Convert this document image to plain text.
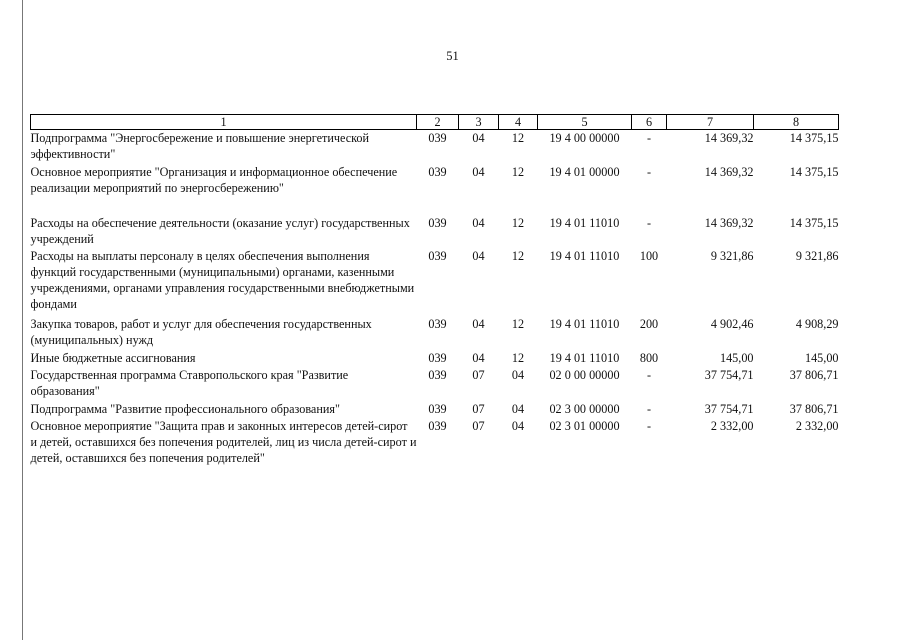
51
1	2	3	4	5	6	7	8
Подпрограмма "Энергосбережение и повышение энергетической эффективности"	039	04	12	19 4 00 00000	-	14 369,32	14 375,15
Основное мероприятие "Организация и информационное обеспечение реализации мероприятий по энергосбережению"	039	04	12	19 4 01 00000	-	14 369,32	14 375,15
Расходы на обеспечение деятельности (оказание услуг) государственных учреждений	039	04	12	19 4 01 11010	-	14 369,32	14 375,15
Расходы на выплаты персоналу в целях обеспечения выполнения функций государственными (муниципальными) органами, казенными учреждениями, органами управления государственными внебюджетными фондами	039	04	12	19 4 01 11010	100	9 321,86	9 321,86
Закупка товаров, работ и услуг для обеспечения государственных (муниципальных) нужд	039	04	12	19 4 01 11010	200	4 902,46	4 908,29
Иные бюджетные ассигнования	039	04	12	19 4 01 11010	800	145,00	145,00
Государственная программа Ставропольского края "Развитие образования"	039	07	04	02 0 00 00000	-	37 754,71	37 806,71
Подпрограмма "Развитие профессионального образования"	039	07	04	02 3 00 00000	-	37 754,71	37 806,71
Основное мероприятие "Защита прав и законных интересов детей-сирот и детей, оставшихся без попечения родителей, лиц из числа детей-сирот и детей, оставшихся без попечения родителей"	039	07	04	02 3 01 00000	-	2 332,00	2 332,00
